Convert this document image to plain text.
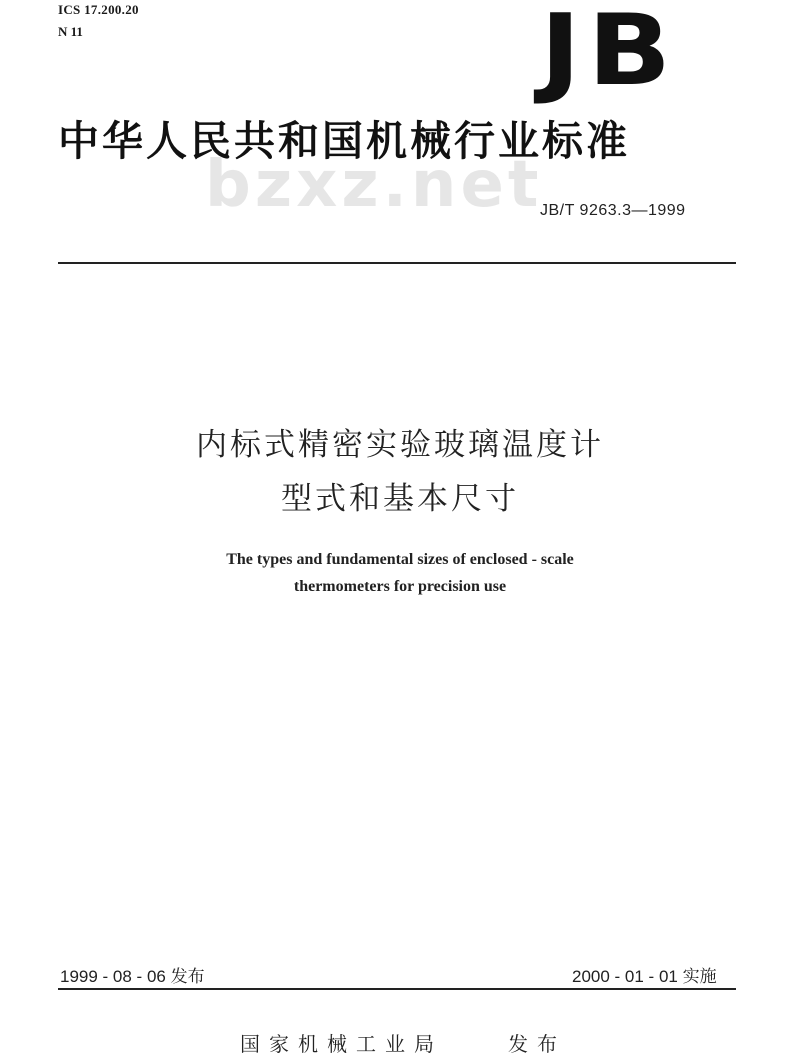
ICS 17.200.20
N 11	JB
中华人民共和国机械行业标准
bzxz.net
JB/T 9263.3—1999
内标式精密实验玻璃温度计
型式和基本尺寸
The types and fundamental sizes of enclosed - scale
thermometers for precision use
1999 - 08 - 06 发布	2000 - 01 - 01 实施
国家机械工业局	发布
